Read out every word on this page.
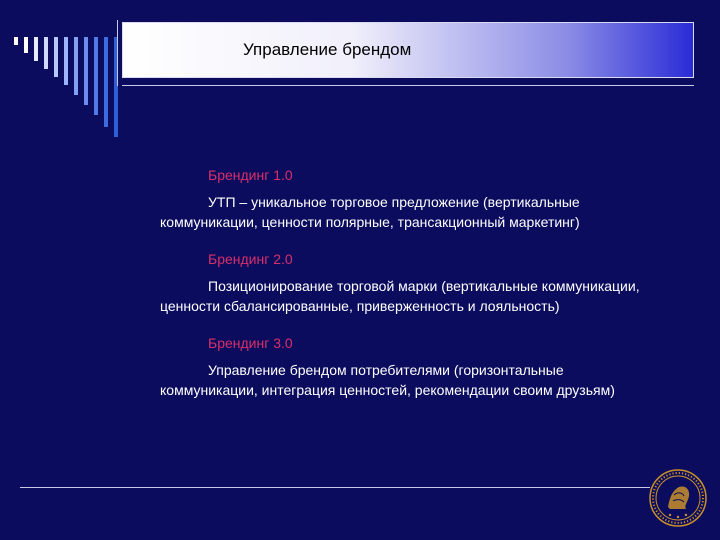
Управление брендом
Брендинг 1.0
УТП – уникальное торговое предложение (вертикальные коммуникации, ценности полярные, трансакционный маркетинг)
Брендинг 2.0
Позиционирование торговой марки (вертикальные коммуникации, ценности сбалансированные, приверженность и лояльность)
Брендинг 3.0
Управление брендом потребителями (горизонтальные коммуникации, интеграция ценностей, рекомендации своим друзьям)
